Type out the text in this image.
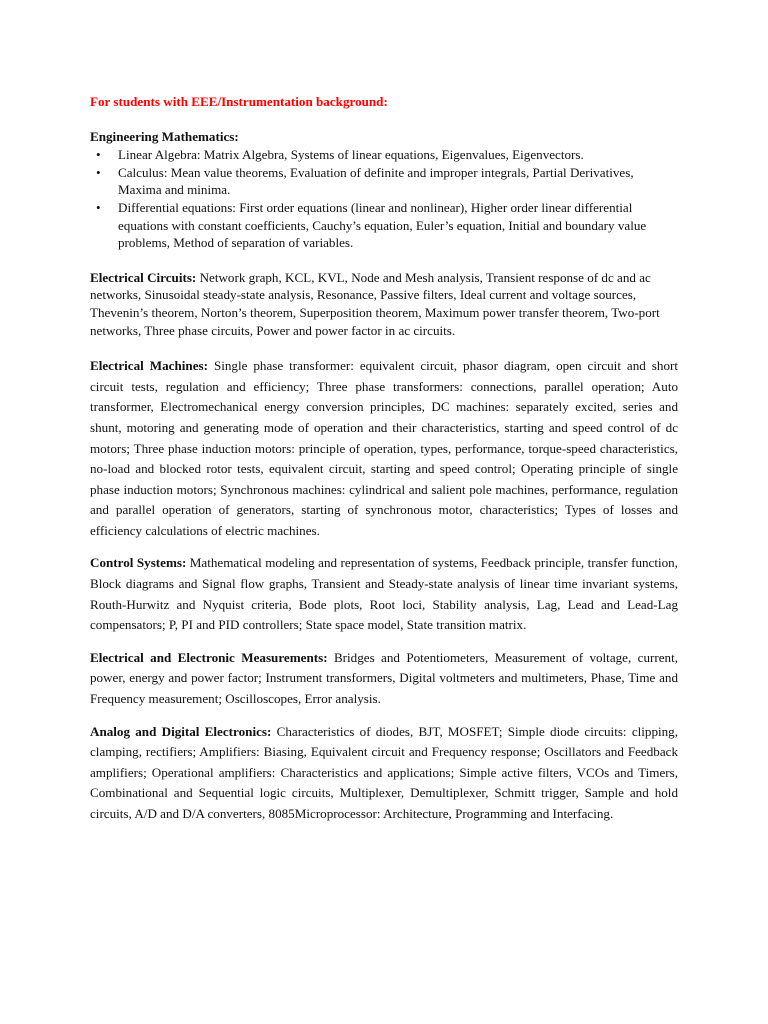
For students with EEE/Instrumentation background:

Engineering Mathematics:

• Linear Algebra: Matrix Algebra, Systems of linear equations, Eigenvalues, Eigenvectors.
• Calculus: Mean value theorems, Evaluation of definite and improper integrals, Partial Derivatives, Maxima and minima.
• Differential equations: First order equations (linear and nonlinear), Higher order linear differential equations with constant coefficients, Cauchy’s equation, Euler’s equation, Initial and boundary value problems, Method of separation of variables.

Electrical Circuits: Network graph, KCL, KVL, Node and Mesh analysis, Transient response of dc and ac networks, Sinusoidal steady-state analysis, Resonance, Passive filters, Ideal current and voltage sources, Thevenin’s theorem, Norton’s theorem, Superposition theorem, Maximum power transfer theorem, Two-port networks, Three phase circuits, Power and power factor in ac circuits.

Electrical Machines: Single phase transformer: equivalent circuit, phasor diagram, open circuit and short circuit tests, regulation and efficiency; Three phase transformers: connections, parallel operation; Auto transformer, Electromechanical energy conversion principles, DC machines: separately excited, series and shunt, motoring and generating mode of operation and their characteristics, starting and speed control of dc motors; Three phase induction motors: principle of operation, types, performance, torque-speed characteristics, no-load and blocked rotor tests, equivalent circuit, starting and speed control; Operating principle of single phase induction motors; Synchronous machines: cylindrical and salient pole machines, performance, regulation and parallel operation of generators, starting of synchronous motor, characteristics; Types of losses and efficiency calculations of electric machines.

Control Systems: Mathematical modeling and representation of systems, Feedback principle, transfer function, Block diagrams and Signal flow graphs, Transient and Steady-state analysis of linear time invariant systems, Routh-Hurwitz and Nyquist criteria, Bode plots, Root loci, Stability analysis, Lag, Lead and Lead-Lag compensators; P, PI and PID controllers; State space model, State transition matrix.

Electrical and Electronic Measurements: Bridges and Potentiometers, Measurement of voltage, current, power, energy and power factor; Instrument transformers, Digital voltmeters and multimeters, Phase, Time and Frequency measurement; Oscilloscopes, Error analysis.

Analog and Digital Electronics: Characteristics of diodes, BJT, MOSFET; Simple diode circuits: clipping, clamping, rectifiers; Amplifiers: Biasing, Equivalent circuit and Frequency response; Oscillators and Feedback amplifiers; Operational amplifiers: Characteristics and applications; Simple active filters, VCOs and Timers, Combinational and Sequential logic circuits, Multiplexer, Demultiplexer, Schmitt trigger, Sample and hold circuits, A/D and D/A converters, 8085Microprocessor: Architecture, Programming and Interfacing.
